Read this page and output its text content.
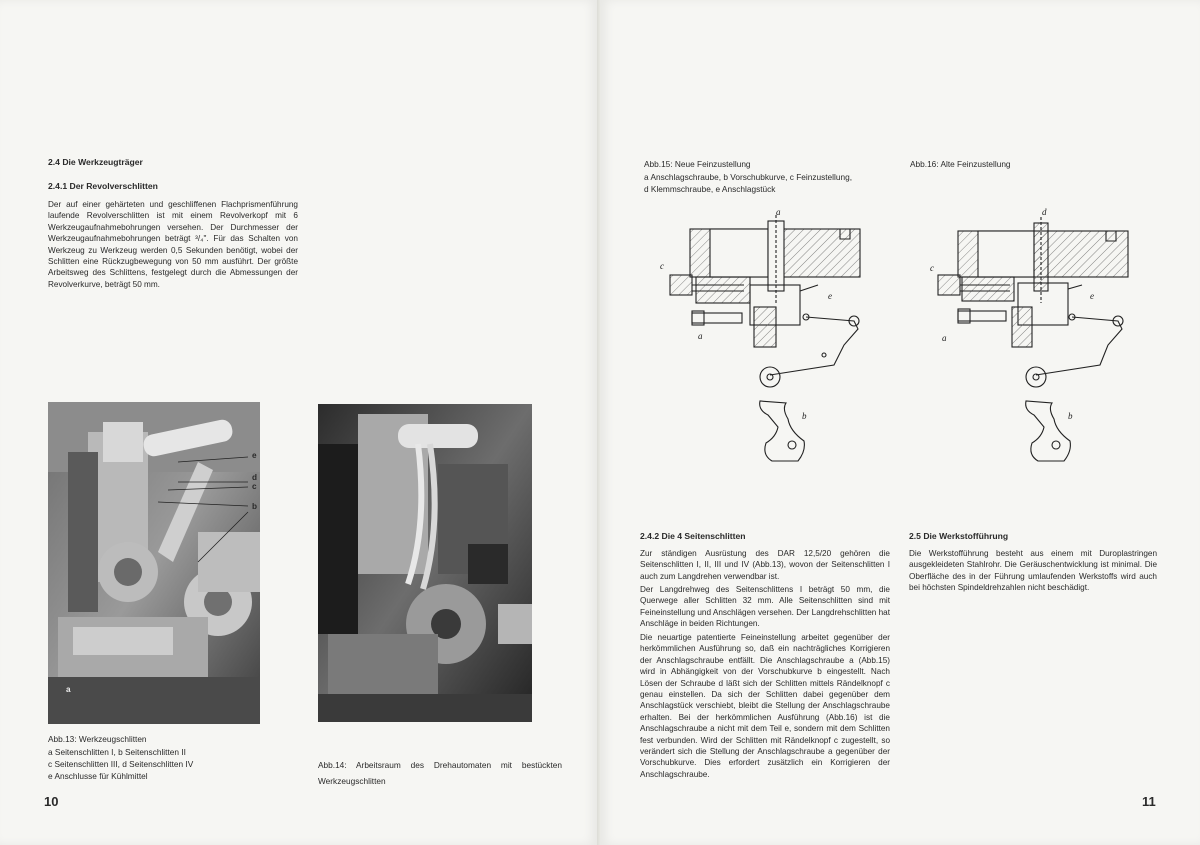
2.4 Die Werkzeugträger
2.4.1 Der Revolverschlitten
Der auf einer gehärteten und geschliffenen Flachprismenführung laufende Revolverschlitten ist mit einem Revolverkopf mit 6 Werkzeugaufnahmebohrungen versehen. Der Durchmesser der Werkzeugaufnahmebohrungen beträgt ³/₄". Für das Schalten von Werkzeug zu Werkzeug werden 0,5 Sekunden benötigt, wobei der Schlitten eine Rückzugbewegung von 50 mm ausführt. Der größte Arbeitsweg des Schlittens, festgelegt durch die Abmessungen der Revolverkurve, beträgt 50 mm.
e
d
c
b
a
Abb.13: Werkzeugschlitten
a Seitenschlitten I, b Seitenschlitten II
c Seitenschlitten III, d Seitenschlitten IV
e Anschlusse für Kühlmittel
Abb.14: Arbeitsraum des Drehautomaten mit bestückten Werkzeugschlitten
10
Abb.15: Neue Feinzustellung
a Anschlagschraube, b Vorschubkurve, c Feinzustellung,
d Klemmschraube, e Anschlagstück
Abb.16: Alte Feinzustellung
a
c
e
a
b
d
c
e
a
b
2.4.2 Die 4 Seitenschlitten
Zur ständigen Ausrüstung des DAR 12,5/20 gehören die Seitenschlitten I, II, III und IV (Abb.13), wovon der Seitenschlitten I auch zum Langdrehen verwendbar ist.
Der Langdrehweg des Seitenschlittens I beträgt 50 mm, die Querwege aller Schlitten 32 mm. Alle Seitenschlitten sind mit Feineinstellung und Anschlägen versehen. Der Langdrehschlitten hat Anschläge in beiden Richtungen.
Die neuartige patentierte Feineinstellung arbeitet gegenüber der herkömmlichen Ausführung so, daß ein nachträgliches Korrigieren der Anschlagschraube entfällt. Die Anschlagschraube a (Abb.15) wird in Abhängigkeit von der Vorschubkurve b eingestellt. Nach Lösen der Schraube d läßt sich der Schlitten mittels Rändelknopf c genau einstellen. Da sich der Schlitten dabei gegenüber dem Anschlagstück verschiebt, bleibt die Stellung der Anschlagschraube erhalten. Bei der herkömmlichen Ausführung (Abb.16) ist die Anschlagschraube a nicht mit dem Teil e, sondern mit dem Schlitten fest verbunden. Wird der Schlitten mit Rändelknopf c zugestellt, so verändert sich die Stellung der Anschlagschraube a gegenüber der Vorschubkurve. Dies erfordert zusätzlich ein Korrigieren der Anschlagschraube.
2.5 Die Werkstofführung
Die Werkstofführung besteht aus einem mit Duroplastringen ausgekleideten Stahlrohr. Die Geräuschentwicklung ist minimal. Die Oberfläche des in der Führung umlaufenden Werkstoffs wird auch bei höchsten Spindeldrehzahlen nicht beschädigt.
11
